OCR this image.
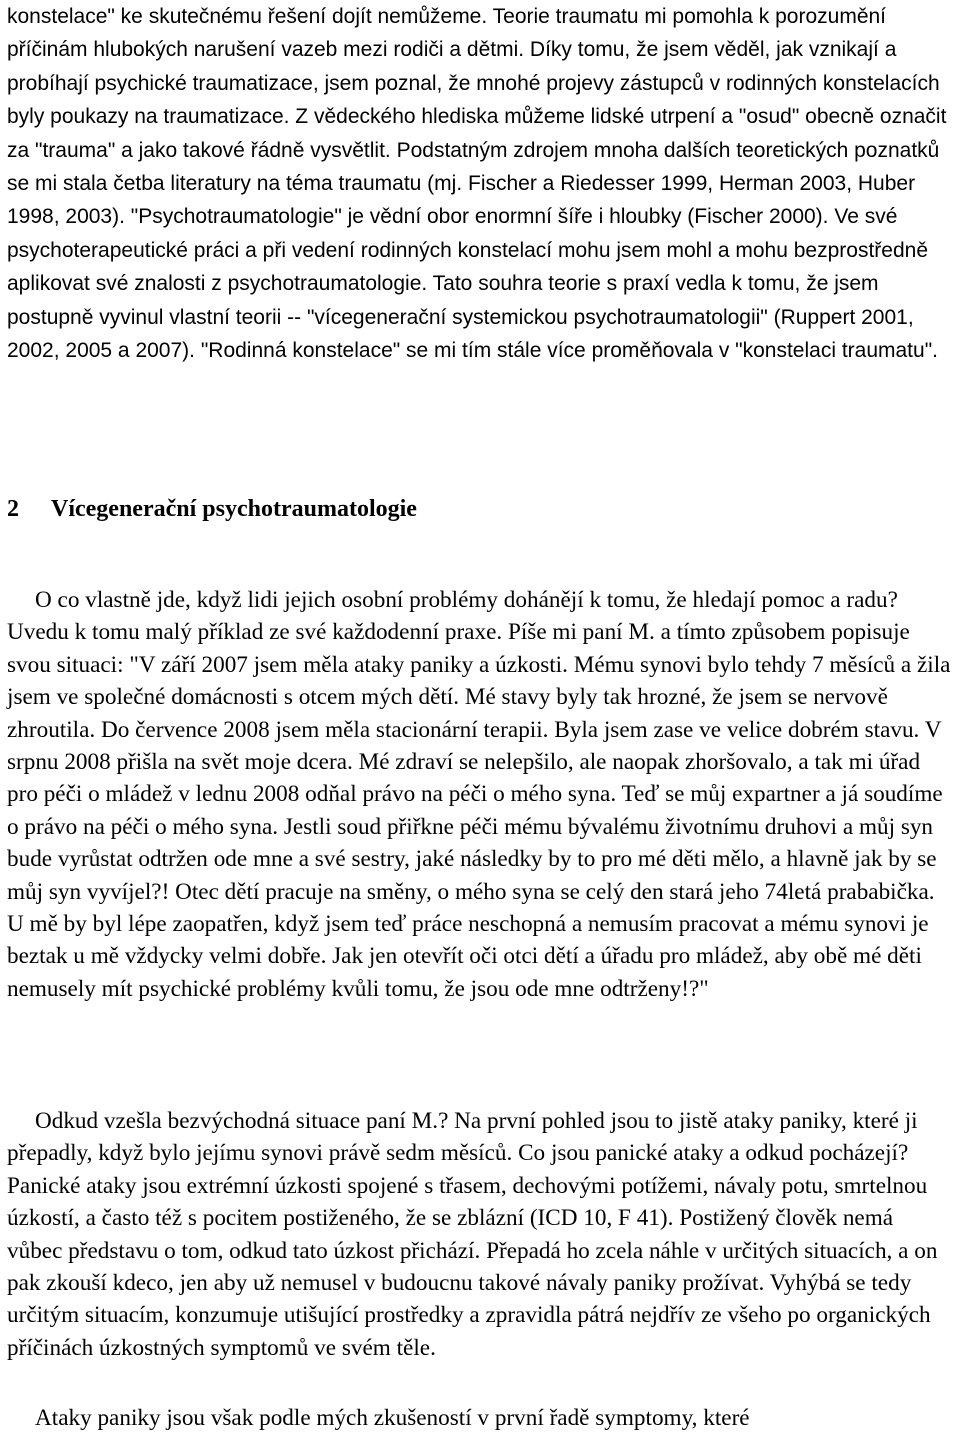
konstelace" ke skutečnému řešení dojít nemůžeme. Teorie traumatu mi pomohla k porozumění příčinám hlubokých narušení vazeb mezi rodiči a dětmi. Díky tomu, že jsem věděl, jak vznikají a probíhají psychické traumatizace, jsem poznal, že mnohé projevy zástupců v rodinných konstelacích byly poukazy na traumatizace. Z vědeckého hlediska můžeme lidské utrpení a "osud" obecně označit za "trauma" a jako takové řádně vysvětlit. Podstatným zdrojem mnoha dalších teoretických poznatků se mi stala četba literatury na téma traumatu (mj. Fischer a Riedesser 1999, Herman 2003, Huber 1998, 2003). "Psychotraumatologie" je vědní obor enormní šíře i hloubky (Fischer 2000). Ve své psychoterapeutické práci a při vedení rodinných konstelací mohu jsem mohl a mohu bezprostředně aplikovat své znalosti z psychotraumatologie. Tato souhra teorie s praxí vedla k tomu, že jsem postupně vyvinul vlastní teorii -- "vícegenerační systemickou psychotraumatologii" (Ruppert 2001, 2002, 2005 a 2007). "Rodinná konstelace" se mi tím stále více proměňovala v "konstelaci traumatu".

2 Vícegenerační psychotraumatologie

O co vlastně jde, když lidi jejich osobní problémy dohánějí k tomu, že hledají pomoc a radu? Uvedu k tomu malý příklad ze své každodenní praxe. Píše mi paní M. a tímto způsobem popisuje svou situaci: "V září 2007 jsem měla ataky paniky a úzkosti. Mému synovi bylo tehdy 7 měsíců a žila jsem ve společné domácnosti s otcem mých dětí. Mé stavy byly tak hrozné, že jsem se nervově zhroutila. Do července 2008 jsem měla stacionární terapii. Byla jsem zase ve velice dobrém stavu. V srpnu 2008 přišla na svět moje dcera. Mé zdraví se nelepšilo, ale naopak zhoršovalo, a tak mi úřad pro péči o mládež v lednu 2008 odňal právo na péči o mého syna. Teď se můj expartner a já soudíme o právo na péči o mého syna. Jestli soud přiřkne péči mému bývalému životnímu druhovi a můj syn bude vyrůstat odtržen ode mne a své sestry, jaké následky by to pro mé děti mělo, a hlavně jak by se můj syn vyvíjel?! Otec dětí pracuje na směny, o mého syna se celý den stará jeho 74letá prababička. U mě by byl lépe zaopatřen, když jsem teď práce neschopná a nemusím pracovat a mému synovi je beztak u mě vždycky velmi dobře. Jak jen otevřít oči otci dětí a úřadu pro mládež, aby obě mé děti nemusely mít psychické problémy kvůli tomu, že jsou ode mne odtrženy!?"

Odkud vzešla bezvýchodná situace paní M.? Na první pohled jsou to jistě ataky paniky, které ji přepadly, když bylo jejímu synovi právě sedm měsíců. Co jsou panické ataky a odkud pocházejí? Panické ataky jsou extrémní úzkosti spojené s třasem, dechovými potížemi, návaly potu, smrtelnou úzkostí, a často též s pocitem postiženého, že se zblázní (ICD 10, F 41). Postižený člověk nemá vůbec představu o tom, odkud tato úzkost přichází. Přepadá ho zcela náhle v určitých situacích, a on pak zkouší kdeco, jen aby už nemusel v budoucnu takové návaly paniky prožívat. Vyhýbá se tedy určitým situacím, konzumuje utišující prostředky a zpravidla pátrá nejdřív ze všeho po organických příčinách úzkostných symptomů ve svém těle.

Ataky paniky jsou však podle mých zkušeností v první řadě symptomy, které
